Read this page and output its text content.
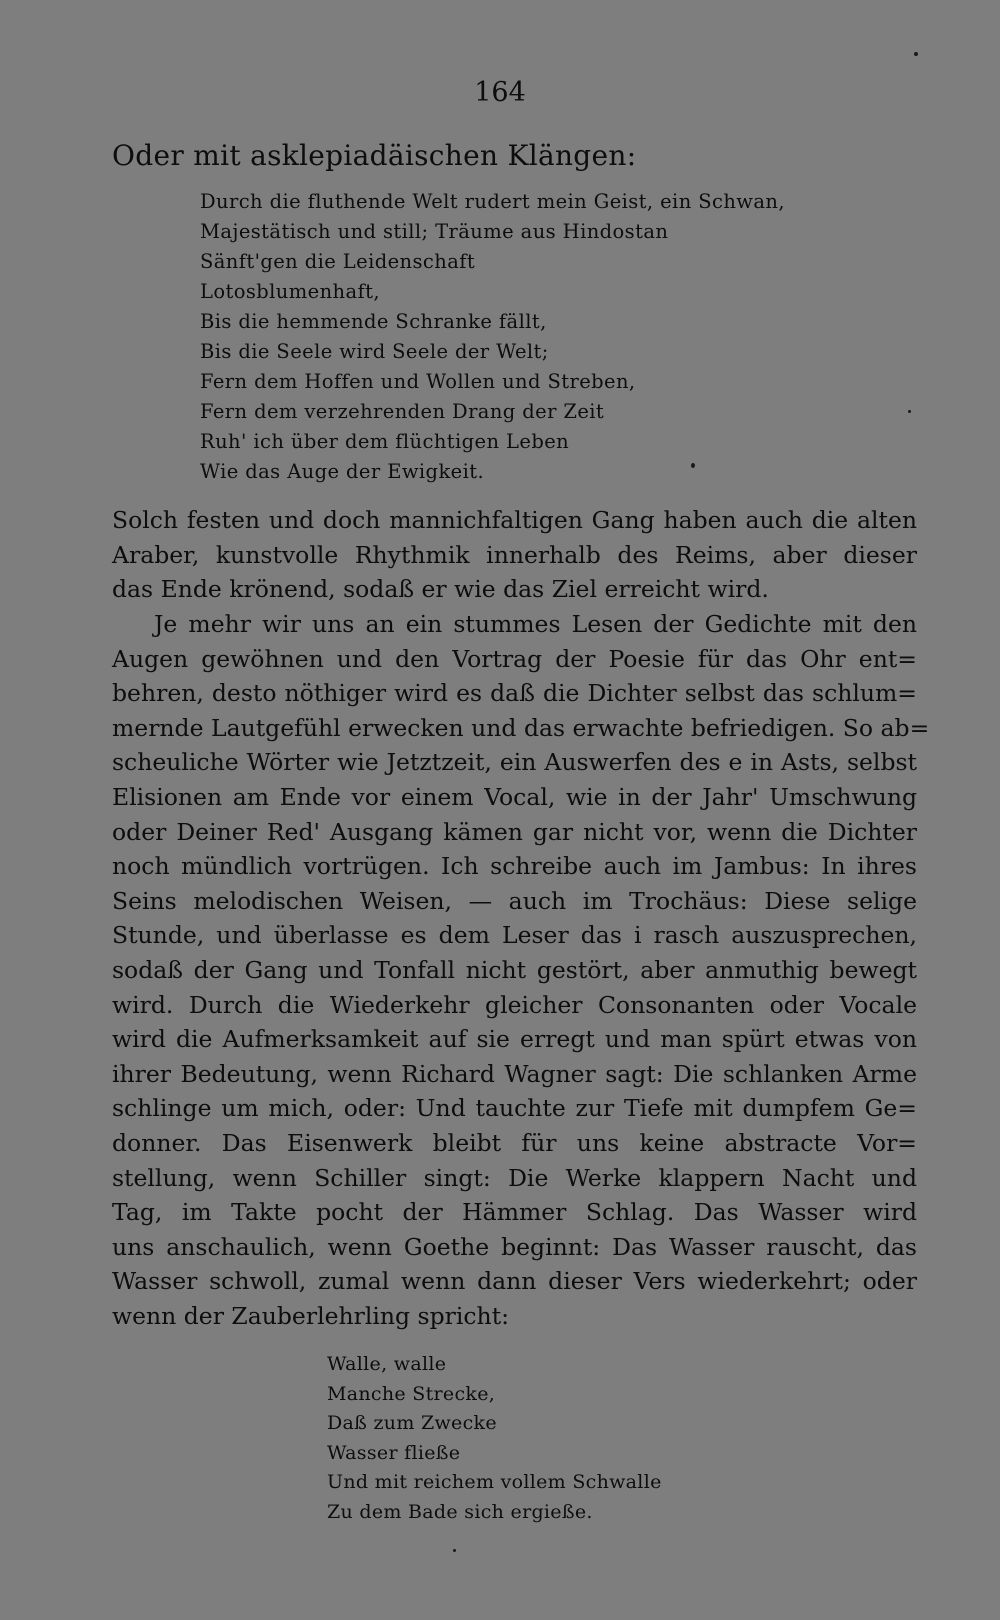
164
Oder mit asklepiadäischen Klängen:
Durch die fluthende Welt rudert mein Geist, ein Schwan,
Majestätisch und still; Träume aus Hindostan
Sänft'gen die Leidenschaft
Lotosblumenhaft,
Bis die hemmende Schranke fällt,
Bis die Seele wird Seele der Welt;
Fern dem Hoffen und Wollen und Streben,
Fern dem verzehrenden Drang der Zeit
Ruh' ich über dem flüchtigen Leben
Wie das Auge der Ewigkeit.
Solch festen und doch mannichfaltigen Gang haben auch die alten
Araber, kunstvolle Rhythmik innerhalb des Reims, aber dieser
das Ende krönend, sodaß er wie das Ziel erreicht wird.
Je mehr wir uns an ein stummes Lesen der Gedichte mit den
Augen gewöhnen und den Vortrag der Poesie für das Ohr ent=
behren, desto nöthiger wird es daß die Dichter selbst das schlum=
mernde Lautgefühl erwecken und das erwachte befriedigen. So ab=
scheuliche Wörter wie Jetztzeit, ein Auswerfen des e in Asts, selbst
Elisionen am Ende vor einem Vocal, wie in der Jahr' Umschwung
oder Deiner Red' Ausgang kämen gar nicht vor, wenn die Dichter
noch mündlich vortrügen. Ich schreibe auch im Jambus: In ihres
Seins melodischen Weisen, — auch im Trochäus: Diese selige
Stunde, und überlasse es dem Leser das i rasch auszusprechen,
sodaß der Gang und Tonfall nicht gestört, aber anmuthig bewegt
wird. Durch die Wiederkehr gleicher Consonanten oder Vocale
wird die Aufmerksamkeit auf sie erregt und man spürt etwas von
ihrer Bedeutung, wenn Richard Wagner sagt: Die schlanken Arme
schlinge um mich, oder: Und tauchte zur Tiefe mit dumpfem Ge=
donner. Das Eisenwerk bleibt für uns keine abstracte Vor=
stellung, wenn Schiller singt: Die Werke klappern Nacht und
Tag, im Takte pocht der Hämmer Schlag. Das Wasser wird
uns anschaulich, wenn Goethe beginnt: Das Wasser rauscht, das
Wasser schwoll, zumal wenn dann dieser Vers wiederkehrt; oder
wenn der Zauberlehrling spricht:
Walle, walle
Manche Strecke,
Daß zum Zwecke
Wasser fließe
Und mit reichem vollem Schwalle
Zu dem Bade sich ergieße.
